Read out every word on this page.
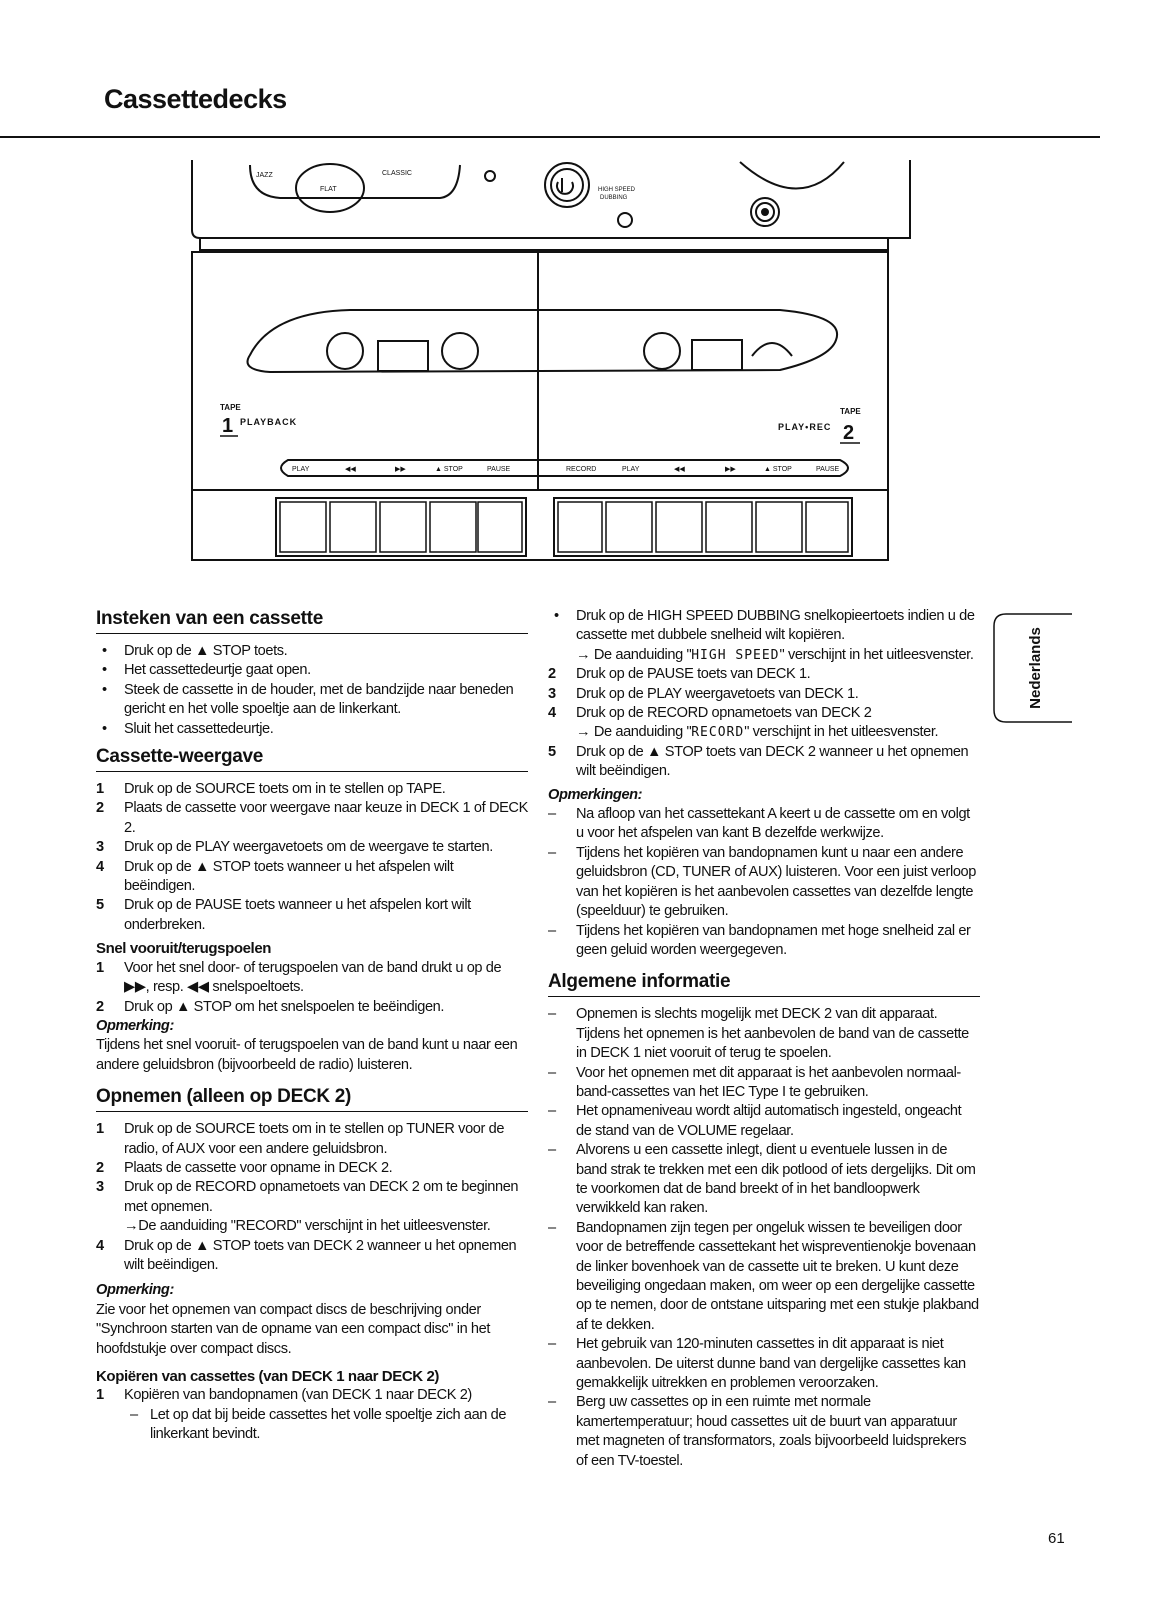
Cassettedecks
JAZZ
FLAT
CLASSIC
HIGH SPEED
DUBBING
TAPE
1 PLAYBACK
TAPE
PLAY•REC 2
PLAY	◀◀	▶▶	▲ STOP	PAUSE	RECORD	PLAY	◀◀	▶▶	▲ STOP	PAUSE
Insteken van een cassette
• Druk op de ▲ STOP toets.
• Het cassettedeurtje gaat open.
• Steek de cassette in de houder, met de bandzijde naar beneden gericht en het volle spoeltje aan de linkerkant.
• Sluit het cassettedeurtje.
Cassette-weergave
1 Druk op de SOURCE toets om in te stellen op TAPE.
2 Plaats de cassette voor weergave naar keuze in DECK 1 of DECK 2.
3 Druk op de PLAY weergavetoets om de weergave te starten.
4 Druk op de ▲ STOP toets wanneer u het afspelen wilt beëindigen.
5 Druk op de PAUSE toets wanneer u het afspelen kort wilt onderbreken.
Snel vooruit/terugspoelen
1 Voor het snel door- of terugspoelen van de band drukt u op de ▶▶, resp. ◀◀ snelspoeltoets.
2 Druk op ▲ STOP om het snelspoelen te beëindigen.
Opmerking:

Tijdens het snel vooruit- of terugspoelen van de band kunt u naar een andere geluidsbron (bijvoorbeeld de radio) luisteren.

Opnemen (alleen op DECK 2)
1 Druk op de SOURCE toets om in te stellen op TUNER voor de radio, of AUX voor een andere geluidsbron.
2 Plaats de cassette voor opname in DECK 2.
3 Druk op de RECORD opnametoets van DECK 2 om te beginnen met opnemen.
→De aanduiding "RECORD" verschijnt in het uitleesvenster.
4 Druk op de ▲ STOP toets van DECK 2 wanneer u het opnemen wilt beëindigen.
Opmerking:

Zie voor het opnemen van compact discs de beschrijving onder "Synchroon starten van de opname van een compact disc" in het hoofdstukje over compact discs.

Kopiëren van cassettes (van DECK 1 naar DECK 2)
1 Kopiëren van bandopnamen (van DECK 1 naar DECK 2)
– Let op dat bij beide cassettes het volle spoeltje zich aan de linkerkant bevindt.
• Druk op de HIGH SPEED DUBBING snelkopieertoets indien u de cassette met dubbele snelheid wilt kopiëren.
→ De aanduiding "HIGH SPEED" verschijnt in het uitleesvenster.
2 Druk op de PAUSE toets van DECK 1.
3 Druk op de PLAY weergavetoets van DECK 1.
4 Druk op de RECORD opnametoets van DECK 2
→ De aanduiding "RECORD" verschijnt in het uitleesvenster.
5 Druk op de ▲ STOP toets van DECK 2 wanneer u het opnemen wilt beëindigen.
Opmerkingen:
– Na afloop van het cassettekant A keert u de cassette om en volgt u voor het afspelen van kant B dezelfde werkwijze.
– Tijdens het kopiëren van bandopnamen kunt u naar een andere geluidsbron (CD, TUNER of AUX) luisteren. Voor een juist verloop van het kopiëren is het aanbevolen cassettes van dezelfde lengte (speelduur) te gebruiken.
– Tijdens het kopiëren van bandopnamen met hoge snelheid zal er geen geluid worden weergegeven.
Algemene informatie
– Opnemen is slechts mogelijk met DECK 2 van dit apparaat. Tijdens het opnemen is het aanbevolen de band van de cassette in DECK 1 niet vooruit of terug te spoelen.
– Voor het opnemen met dit apparaat is het aanbevolen normaal-band-cassettes van het IEC Type I te gebruiken.
– Het opnameniveau wordt altijd automatisch ingesteld, ongeacht de stand van de VOLUME regelaar.
– Alvorens u een cassette inlegt, dient u eventuele lussen in de band strak te trekken met een dik potlood of iets dergelijks. Dit om te voorkomen dat de band breekt of in het bandloopwerk verwikkeld kan raken.
– Bandopnamen zijn tegen per ongeluk wissen te beveiligen door voor de betreffende cassettekant het wispreventienokje bovenaan de linker bovenhoek van de cassette uit te breken. U kunt deze beveiliging ongedaan maken, om weer op een dergelijke cassette op te nemen, door de ontstane uitsparing met een stukje plakband af te dekken.
– Het gebruik van 120-minuten cassettes in dit apparaat is niet aanbevolen. De uiterst dunne band van dergelijke cassettes kan gemakkelijk uitrekken en problemen veroorzaken.
– Berg uw cassettes op in een ruimte met normale kamertemperatuur; houd cassettes uit de buurt van apparatuur met magneten of transformators, zoals bijvoorbeeld luidsprekers of een TV-toestel.
Nederlands
61
